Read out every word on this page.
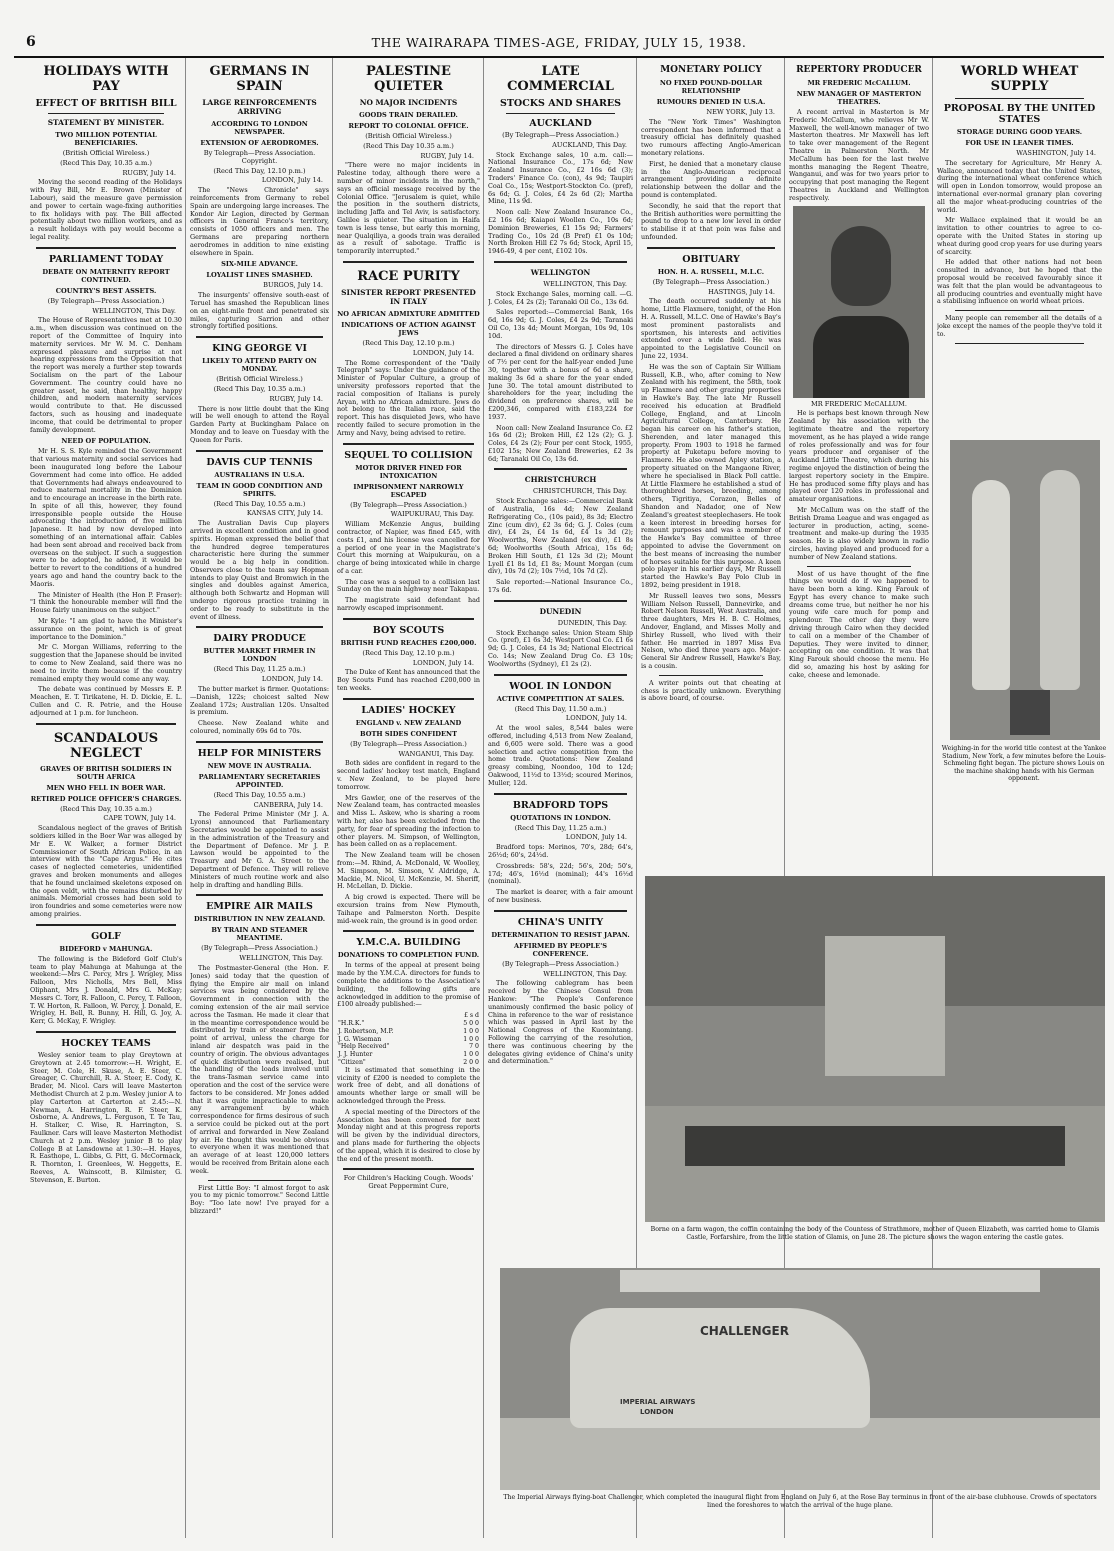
6	THE WAIRARAPA TIMES-AGE, FRIDAY, JULY 15, 1938.
HOLIDAYS WITH PAY
EFFECT OF BRITISH BILL
STATEMENT BY MINISTER.
TWO MILLION POTENTIAL BENEFICIARIES.
(British Official Wireless.)
(Recd This Day, 10.35 a.m.)
RUGBY, July 14.

Moving the second reading of the Holidays with Pay Bill, Mr E. Brown (Minister of Labour), said the measure gave permission and power to certain wage-fixing authorities to fix holidays with pay. The Bill affected potentially about two million workers, and as a result holidays with pay would become a legal reality.

PARLIAMENT TODAY
DEBATE ON MATERNITY REPORT CONTINUED.
COUNTRY'S BEST ASSETS.
(By Telegraph—Press Association.)
WELLINGTON, This Day.

The House of Representatives met at 10.30 a.m., when discussion was continued on the report of the Committee of Inquiry into maternity services. Mr W. M. C. Denham expressed pleasure and surprise at not hearing expressions from the Opposition that the report was merely a further step towards Socialism on the part of the Labour Government. The country could have no greater asset, he said, than healthy, happy children, and modern maternity services would contribute to that. He discussed factors, such as housing and inadequate income, that could be detrimental to proper family development.

NEED OF POPULATION.

Mr H. S. S. Kyle reminded the Government that various maternity and social services had been inaugurated long before the Labour Government had come into office. He added that Governments had always endeavoured to reduce maternal mortality in the Dominion and to encourage an increase in the birth rate. In spite of all this, however, they found irresponsible people outside the House advocating the introduction of five million Japanese. It had by now developed into something of an international affair. Cables had been sent abroad and received back from overseas on the subject. If such a suggestion were to be adopted, he added, it would be better to revert to the conditions of a hundred years ago and hand the country back to the Maoris.

The Minister of Health (the Hon P. Fraser): "I think the honourable member will find the House fairly unanimous on the subject."

Mr Kyle: "I am glad to have the Minister's assurance on the point, which is of great importance to the Dominion."

Mr C. Morgan Williams, referring to the suggestion that the Japanese should be invited to come to New Zealand, said there was no need to invite them because if the country remained empty they would come any way.

The debate was continued by Messrs E. P. Meachen, E. T. Tirikatene, H. D. Dickie, E. L. Cullen and C. R. Petrie, and the House adjourned at 1 p.m. for luncheon.

SCANDALOUS NEGLECT
GRAVES OF BRITISH SOLDIERS IN SOUTH AFRICA
MEN WHO FELL IN BOER WAR.
RETIRED POLICE OFFICER'S CHARGES.
(Recd This Day, 10.35 a.m.)
CAPE TOWN, July 14.

Scandalous neglect of the graves of British soldiers killed in the Boer War was alleged by Mr E. W. Walker, a former District Commissioner of South African Police, in an interview with the "Cape Argus." He cites cases of neglected cemeteries, unidentified graves and broken monuments and alleges that he found unclaimed skeletons exposed on the open veldt, with the remains disturbed by animals. Memorial crosses had been sold to iron foundries and some cemeteries were now among prairies.

GOLF
BIDEFORD v MAHUNGA.

The following is the Bideford Golf Club's team to play Mahunga at Mahunga at the weekend:—Mrs C. Percy, Mrs J. Wrigley, Miss Falloon, Mrs Nicholls, Mrs Bell, Miss Oliphant, Mrs J. Donald, Mrs G. McKay; Messrs C. Torr, R. Falloon, C. Percy, T. Falloon, T. W. Horton, R. Falloon, W. Percy, J. Donald, E. Wrigley, H. Bell, R. Bunny, H. Hill, G. Joy, A. Kerr, G. McKay, F. Wrigley.

HOCKEY TEAMS

Wesley senior team to play Greytown at Greytown at 2.45 tomorrow:—H. Wright, E. Steer, M. Cole, H. Skuse, A. E. Steer, C. Greager, C. Churchill, R. A. Steer, E. Cody, K. Brader, M. Nicol. Cars will leave Masterton Methodist Church at 2 p.m. Wesley junior A to play Carterton at Carterton at 2.45:—N. Newman, A. Harrington, R. F. Steer, K. Osborne, A. Andrews, L. Ferguson, T. Te Tau, H. Stalker, C. Wise, R. Harrington, S. Faulkner. Cars will leave Masterton Methodist Church at 2 p.m. Wesley junior B to play College B at Lansdowne at 1.30:—H. Hayes, R. Easthope, L. Gibbs, G. Pitt, G. McCormack, R. Thornton, I. Greenlees, W. Heggetts, E. Reeves, A. Wainscott, B. Kilmister, G. Stevenson, E. Burton.

GERMANS IN SPAIN
LARGE REINFORCEMENTS ARRIVING
ACCORDING TO LONDON NEWSPAPER.
EXTENSION OF AERODROMES.
By Telegraph—Press Association. Copyright.
(Recd This Day, 12.10 p.m.)
LONDON, July 14.

The "News Chronicle" says reinforcements from Germany to rebel Spain are undergoing large increases. The Kondor Air Legion, directed by German officers in General Franco's territory, consists of 1050 officers and men. The Germans are preparing northern aerodromes in addition to nine existing elsewhere in Spain.

SIX-MILE ADVANCE.
LOYALIST LINES SMASHED.
BURGOS, July 14.

The insurgents' offensive south-east of Teruel has smashed the Republican lines on an eight-mile front and penetrated six miles, capturing Sarrion and other strongly fortified positions.

KING GEORGE VI
LIKELY TO ATTEND PARTY ON MONDAY.
(British Official Wireless.)
(Recd This Day, 10.35 a.m.)
RUGBY, July 14.

There is now little doubt that the King will be well enough to attend the Royal Garden Party at Buckingham Palace on Monday and to leave on Tuesday with the Queen for Paris.

DAVIS CUP TENNIS
AUSTRALIANS IN U.S.A.
TEAM IN GOOD CONDITION AND SPIRITS.
(Recd This Day, 10.55 a.m.)
KANSAS CITY, July 14.

The Australian Davis Cup players arrived in excellent condition and in good spirits. Hopman expressed the belief that the hundred degree temperatures characteristic here during the summer would be a big help in condition. Observers close to the team say Hopman intends to play Quist and Bromwich in the singles and doubles against America, although both Schwartz and Hopman will undergo rigorous practice training in order to be ready to substitute in the event of illness.

DAIRY PRODUCE
BUTTER MARKET FIRMER IN LONDON
(Recd This Day, 11.25 a.m.)
LONDON, July 14.

The butter market is firmer. Quotations:—Danish, 122s; choicest salted New Zealand 172s; Australian 120s. Unsalted is premium.

Cheese. New Zealand white and coloured, nominally 69s 6d to 70s.

HELP FOR MINISTERS
NEW MOVE IN AUSTRALIA.
PARLIAMENTARY SECRETARIES APPOINTED.
(Recd This Day, 10.55 a.m.)
CANBERRA, July 14.

The Federal Prime Minister (Mr J. A. Lyons) announced that Parliamentary Secretaries would be appointed to assist in the administration of the Treasury and the Department of Defence. Mr J. P. Lawson would be appointed to the Treasury and Mr G. A. Street to the Department of Defence. They will relieve Ministers of much routine work and also help in drafting and handling Bills.

EMPIRE AIR MAILS
DISTRIBUTION IN NEW ZEALAND.
BY TRAIN AND STEAMER MEANTIME.
(By Telegraph—Press Association.)
WELLINGTON, This Day.

The Postmaster-General (the Hon. F. Jones) said today that the question of flying the Empire air mail on inland services was being considered by the Government in connection with the coming extension of the air mail service across the Tasman. He made it clear that in the meantime correspondence would be distributed by train or steamer from the point of arrival, unless the charge for inland air despatch was paid in the country of origin. The obvious advantages of quick distribution were realised, but the handling of the loads involved until the trans-Tasman service came into operation and the cost of the service were factors to be considered. Mr Jones added that it was quite impracticable to make any arrangement by which correspondence for firms desirous of such a service could be picked out at the port of arrival and forwarded in New Zealand by air. He thought this would be obvious to everyone when it was mentioned that an average of at least 120,000 letters would be received from Britain alone each week.

First Little Boy: "I almost forgot to ask you to my picnic tomorrow." Second Little Boy: "Too late now! I've prayed for a blizzard!"

PALESTINE QUIETER
NO MAJOR INCIDENTS
GOODS TRAIN DERAILED.
REPORT TO COLONIAL OFFICE.
(British Official Wireless.)
(Recd This Day 10.35 a.m.)
RUGBY, July 14.

"There were no major incidents in Palestine today, although there were a number of minor incidents in the north," says an official message received by the Colonial Office. "Jerusalem is quiet, while the position in the southern districts, including Jaffa and Tel Aviv, is satisfactory. Galilee is quieter. The situation in Haifa town is less tense, but early this morning, near Qualqiliya, a goods train was derailed as a result of sabotage. Traffic is temporarily interrupted."

RACE PURITY
SINISTER REPORT PRESENTED IN ITALY
NO AFRICAN ADMIXTURE ADMITTED
INDICATIONS OF ACTION AGAINST JEWS
(Recd This Day, 12.10 p.m.)
LONDON, July 14.

The Rome correspondent of the "Daily Telegraph" says: Under the guidance of the Minister of Popular Culture, a group of university professors reported that the racial composition of Italians is purely Aryan, with no African admixture. Jews do not belong to the Italian race, said the report. This has disquieted Jews, who have recently failed to secure promotion in the Army and Navy, being advised to retire.

SEQUEL TO COLLISION
MOTOR DRIVER FINED FOR INTOXICATION
IMPRISONMENT NARROWLY ESCAPED
(By Telegraph—Press Association.)
WAIPUKURAU, This Day.

William McKenzie Angus, building contractor, of Napier, was fined £45, with costs £1, and his license was cancelled for a period of one year in the Magistrate's Court this morning at Waipukurau, on a charge of being intoxicated while in charge of a car.

The case was a sequel to a collision last Sunday on the main highway near Takapau.

The magistrate said defendant had narrowly escaped imprisonment.

BOY SCOUTS
BRITISH FUND REACHES £200,000.
(Recd This Day, 12.10 p.m.)
LONDON, July 14.

The Duke of Kent has announced that the Boy Scouts Fund has reached £200,000 in ten weeks.

LADIES' HOCKEY
ENGLAND v. NEW ZEALAND
BOTH SIDES CONFIDENT
(By Telegraph—Press Association.)
WANGANUI, This Day.

Both sides are confident in regard to the second ladies' hockey test match, England v. New Zealand, to be played here tomorrow.

Mrs Gawler, one of the reserves of the New Zealand team, has contracted measles and Miss L. Askew, who is sharing a room with her, also has been excluded from the party, for fear of spreading the infection to other players. M. Simpson, of Wellington, has been called on as a replacement.

The New Zealand team will be chosen from:—M. Rhind, A. McDonald, W. Woolley, M. Simpson, M. Simson, V. Aldridge, A. Mackie, M. Nicol, U. McKenzie, M. Sheriff, H. McLellan, D. Dickie.

A big crowd is expected. There will be excursion trains from New Plymouth, Taihape and Palmerston North. Despite mid-week rain, the ground is in good order.

Y.M.C.A. BUILDING
DONATIONS TO COMPLETION FUND.

In terms of the appeal at present being made by the Y.M.C.A. directors for funds to complete the additions to the Association's building, the following gifts are acknowledged in addition to the promise of £100 already published:—

	£ s d
"H.R.K."	5 0 0
J. Robertson, M.P.	1 0 0
J. G. Wiseman	1 0 0
"Help Received"	7 0
J. J. Hunter	1 0 0
"Citizen"	2 0 0

It is estimated that something in the vicinity of £200 is needed to complete the work free of debt, and all donations of amounts whether large or small will be acknowledged through the Press.

A special meeting of the Directors of the Association has been convened for next Monday night and at this progress reports will be given by the individual directors, and plans made for furthering the objects of the appeal, which it is desired to close by the end of the present month.

For Children's Hacking Cough. Woods' Great Peppermint Cure,
LATE COMMERCIAL
STOCKS AND SHARES
AUCKLAND
(By Telegraph—Press Association.)
AUCKLAND, This Day.

Stock Exchange sales, 10 a.m. call:—National Insurance Co., 17s 6d; New Zealand Insurance Co., £2 16s 6d (3); Traders' Finance Co. (con), 4s 9d; Taupiri Coal Co., 15s; Westport-Stockton Co. (pref), 6s 6d; G. J. Coles, £4 2s 6d (2); Martha Mine, 11s 9d.

Noon call: New Zealand Insurance Co., £2 16s 6d; Kaiapoi Woollen Co., 10s 6d; Dominion Breweries, £1 15s 9d; Farmers' Trading Co., 10s 2d (B Pref) £1 0s 10d; North Broken Hill £2 7s 6d; Stock, April 15, 1946-49, 4 per cent, £102 10s.

WELLINGTON
WELLINGTON, This Day.

Stock Exchange Sales, morning call. —G. J. Coles, £4 2s (2); Taranaki Oil Co., 13s 6d.

Sales reported:—Commercial Bank, 16s 6d, 16s 9d; G. J. Coles, £4 2s 9d; Taranaki Oil Co, 13s 4d; Mount Morgan, 10s 9d, 10s 10d.

The directors of Messrs G. J. Coles have declared a final dividend on ordinary shares of 7½ per cent for the half-year ended June 30, together with a bonus of 6d a share, making 3s 6d a share for the year ended June 30. The total amount distributed to shareholders for the year, including the dividend on preference shares, will be £200,346, compared with £183,224 for 1937.

Noon call: New Zealand Insurance Co. £2 16s 6d (2); Broken Hill, £2 12s (2); G. J. Coles, £4 2s (2); Four per cent Stock, 1955, £102 15s; New Zealand Breweries, £2 3s 6d; Taranaki Oil Co, 13s 6d.

CHRISTCHURCH
CHRISTCHURCH, This Day.

Stock Exchange sales:—Commercial Bank of Australia, 16s 4d; New Zealand Refrigerating Co., (10s paid), 8s 3d; Electro Zinc (cum div), £2 3s 6d; G. J. Coles (cum div), £4 2s, £4 1s 6d, £4 1s 3d (2); Woolworths, New Zealand (ex div), £1 8s 6d; Woolworths (South Africa), 15s 6d; Broken Hill South, £1 12s 3d (2); Mount Lyell £1 8s 1d, £1 8s; Mount Morgan (cum div), 10s 7d (2); 10s 7½d, 10s 7d (2).

Sale reported:—National Insurance Co., 17s 6d.

DUNEDIN
DUNEDIN, This Day.

Stock Exchange sales: Union Steam Ship Co. (pref), £1 6s 3d; Westport Coal Co. £1 6s 9d; G. J. Coles, £4 1s 3d; National Electrical Co. 14s; New Zealand Drug Co. £3 10s; Woolworths (Sydney), £1 2s (2).

WOOL IN LONDON
ACTIVE COMPETITION AT SALES.
(Recd This Day, 11.50 a.m.)
LONDON, July 14.

At the wool sales, 8,544 bales were offered, including 4,513 from New Zealand, and 6,605 were sold. There was a good selection and active competition from the home trade. Quotations: New Zealand greasy combing, Noondoo, 10d to 12d; Oakwood, 11½d to 13½d; scoured Merinos, Muller, 12d.

BRADFORD TOPS
QUOTATIONS IN LONDON.
(Recd This Day, 11.25 a.m.)
LONDON, July 14.

Bradford tops: Merinos, 70's, 28d; 64's, 26½d; 60's, 24½d.

Crossbreds: 58's, 22d; 56's, 20d; 50's, 17d; 46's, 16½d (nominal); 44's 16½d (nominal).

The market is dearer, with a fair amount of new business.

CHINA'S UNITY
DETERMINATION TO RESIST JAPAN.
AFFIRMED BY PEOPLE'S CONFERENCE.
(By Telegraph—Press Association.)
WELLINGTON, This Day.

The following cablegram has been received by the Chinese Consul from Hankow: "The People's Conference unanimously confirmed the basic policy of China in reference to the war of resistance which was passed in April last by the National Congress of the Kuomintang. Following the carrying of the resolution, there was continuous cheering by the delegates giving evidence of China's unity and determination."

MONETARY POLICY
NO FIXED POUND-DOLLAR RELATIONSHIP
RUMOURS DENIED IN U.S.A.
NEW YORK, July 13.

The "New York Times" Washington correspondent has been informed that a treasury official has definitely quashed two rumours affecting Anglo-American monetary relations.

First, he denied that a monetary clause in the Anglo-American reciprocal arrangement providing a definite relationship between the dollar and the pound is contemplated.

Secondly, he said that the report that the British authorities were permitting the pound to drop to a new low level in order to stabilise it at that poin was false and unfounded.

OBITUARY
HON. H. A. RUSSELL, M.L.C.
(By Telegraph—Press Association.)
HASTINGS, July 14.

The death occurred suddenly at his home, Little Flaxmere, tonight, of the Hon H. A. Russell, M.L.C. One of Hawke's Bay's most prominent pastoralists and sportsmen, his interests and activities extended over a wide field. He was appointed to the Legislative Council on June 22, 1934.

He was the son of Captain Sir William Russell, K.B., who, after coming to New Zealand with his regiment, the 58th, took up Flaxmere and other grazing properties in Hawke's Bay. The late Mr Russell received his education at Bradfield College, England, and at Lincoln Agricultural College, Canterbury. He began his career on his father's station, Sherenden, and later managed this property. From 1903 to 1918 he farmed property at Puketapu before moving to Flaxmere. He also owned Apley station, a property situated on the Mangaone River, where he specialised in Black Poll cattle. At Little Flaxmere he established a stud of thoroughbred horses, breeding, among others, Tigritiya, Corazon, Belles of Shandon and Nadador, one of New Zealand's greatest steeplechasers. He took a keen interest in breeding horses for remount purposes and was a member of the Hawke's Bay committee of three appointed to advise the Government on the best means of increasing the number of horses suitable for this purpose. A keen polo player in his earlier days, Mr Russell started the Hawke's Bay Polo Club in 1892, being president in 1918.

Mr Russell leaves two sons, Messrs William Nelson Russell, Dannevirke, and Robert Nelson Russell, West Australia, and three daughters, Mrs H. B. C. Holmes, Andover, England, and Misses Molly and Shirley Russell, who lived with their father. He married in 1897 Miss Eva Nelson, who died three years ago. Major-General Sir Andrew Russell, Hawke's Bay, is a cousin.

A writer points out that cheating at chess is practically unknown. Everything is above board, of course.

REPERTORY PRODUCER
MR FREDERIC McCALLUM.
NEW MANAGER OF MASTERTON THEATRES.

A recent arrival in Masterton is Mr Frederic McCallum, who relieves Mr W. Maxwell, the well-known manager of two Masterton theatres. Mr Maxwell has left to take over management of the Regent Theatre in Palmerston North. Mr McCallum has been for the last twelve months managing the Regent Theatre, Wanganui, and was for two years prior to occupying that post managing the Regent Theatres in Auckland and Wellington respectively.

MR FREDERIC McCALLUM.

He is perhaps best known through New Zealand by his association with the legitimate theatre and the repertory movement, as he has played a wide range of roles professionally and was for four years producer and organiser of the Auckland Little Theatre, which during his regime enjoyed the distinction of being the largest repertory society in the Empire. He has produced some fifty plays and has played over 120 roles in professional and amateur organisations.

Mr McCallum was on the staff of the British Drama League and was engaged as lecturer in production, acting, scene-treatment and make-up during the 1935 season. He is also widely known in radio circles, having played and produced for a number of New Zealand stations.

Most of us have thought of the fine things we would do if we happened to have been born a king. King Farouk of Egypt has every chance to make such dreams come true, but neither he nor his young wife care much for pomp and splendour. The other day they were driving through Cairo when they decided to call on a member of the Chamber of Deputies. They were invited to dinner, accepting on one condition. It was that King Farouk should choose the menu. He did so, amazing his host by asking for cake, cheese and lemonade.

WORLD WHEAT SUPPLY
PROPOSAL BY THE UNITED STATES
STORAGE DURING GOOD YEARS.
FOR USE IN LEANER TIMES.
WASHINGTON, July 14.

The secretary for Agriculture, Mr Henry A. Wallace, announced today that the United States, during the international wheat conference which will open in London tomorrow, would propose an international ever-normal granary plan covering all the major wheat-producing countries of the world.

Mr Wallace explained that it would be an invitation to other countries to agree to co-operate with the United States in storing up wheat during good crop years for use during years of scarcity.

He added that other nations had not been consulted in advance, but he hoped that the proposal would be received favourably since it was felt that the plan would be advantageous to all producing countries and eventually might have a stabilising influence on world wheat prices.

Many people can remember all the details of a joke except the names of the people they've told it to.

Weighing-in for the world title contest at the Yankee Stadium, New York, a few minutes before the Louis-Schmeling fight began. The picture shows Louis on the machine shaking hands with his German opponent.
Borne on a farm wagon, the coffin containing the body of the Countess of Strathmore, mother of Queen Elizabeth, was carried home to Glamis Castle, Forfarshire, from the little station of Glamis, on June 28. The picture shows the wagon entering the castle gates.
CHALLENGER
IMPERIAL AIRWAYS
LONDON
The Imperial Airways flying-boat Challenger, which completed the inaugural flight from England on July 6, at the Rose Bay terminus in front of the air-base clubhouse. Crowds of spectators lined the foreshores to watch the arrival of the huge plane.
